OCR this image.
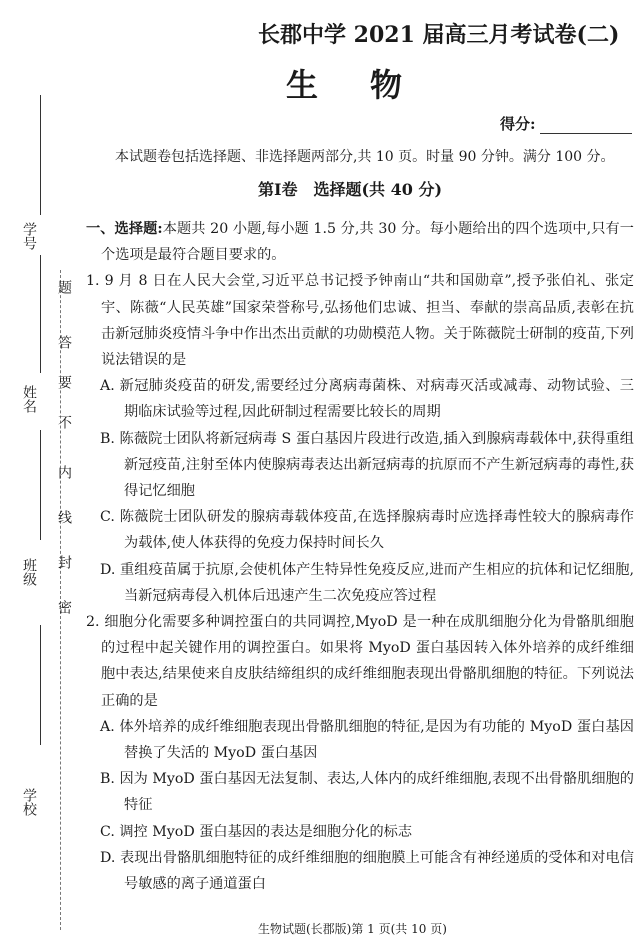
学号
姓名
班级
学校
答
题
要
不
内
线
封
密
长郡中学 2021 届高三月考试卷(二)
生物
得分:
本试题卷包括选择题、非选择题两部分,共 10 页。时量 90 分钟。满分 100 分。
第Ⅰ卷　选择题(共 40 分)

一、选择题:本题共 20 小题,每小题 1.5 分,共 30 分。每小题给出的四个选项中,只有一个选项是最符合题目要求的。

1. 9 月 8 日在人民大会堂,习近平总书记授予钟南山“共和国勋章”,授予张伯礼、张定宇、陈薇“人民英雄”国家荣誉称号,弘扬他们忠诚、担当、奉献的崇高品质,表彰在抗击新冠肺炎疫情斗争中作出杰出贡献的功勋模范人物。关于陈薇院士研制的疫苗,下列说法错误的是

A. 新冠肺炎疫苗的研发,需要经过分离病毒菌株、对病毒灭活或减毒、动物试验、三期临床试验等过程,因此研制过程需要比较长的周期

B. 陈薇院士团队将新冠病毒 S 蛋白基因片段进行改造,插入到腺病毒载体中,获得重组新冠疫苗,注射至体内使腺病毒表达出新冠病毒的抗原而不产生新冠病毒的毒性,获得记忆细胞

C. 陈薇院士团队研发的腺病毒载体疫苗,在选择腺病毒时应选择毒性较大的腺病毒作为载体,使人体获得的免疫力保持时间长久

D. 重组疫苗属于抗原,会使机体产生特异性免疫反应,进而产生相应的抗体和记忆细胞,当新冠病毒侵入机体后迅速产生二次免疫应答过程

2. 细胞分化需要多种调控蛋白的共同调控,MyoD 是一种在成肌细胞分化为骨骼肌细胞的过程中起关键作用的调控蛋白。如果将 MyoD 蛋白基因转入体外培养的成纤维细胞中表达,结果使来自皮肤结缔组织的成纤维细胞表现出骨骼肌细胞的特征。下列说法正确的是

A. 体外培养的成纤维细胞表现出骨骼肌细胞的特征,是因为有功能的 MyoD 蛋白基因替换了失活的 MyoD 蛋白基因

B. 因为 MyoD 蛋白基因无法复制、表达,人体内的成纤维细胞,表现不出骨骼肌细胞的特征

C. 调控 MyoD 蛋白基因的表达是细胞分化的标志

D. 表现出骨骼肌细胞特征的成纤维细胞的细胞膜上可能含有神经递质的受体和对电信号敏感的离子通道蛋白

生物试题(长郡版)第 1 页(共 10 页)
